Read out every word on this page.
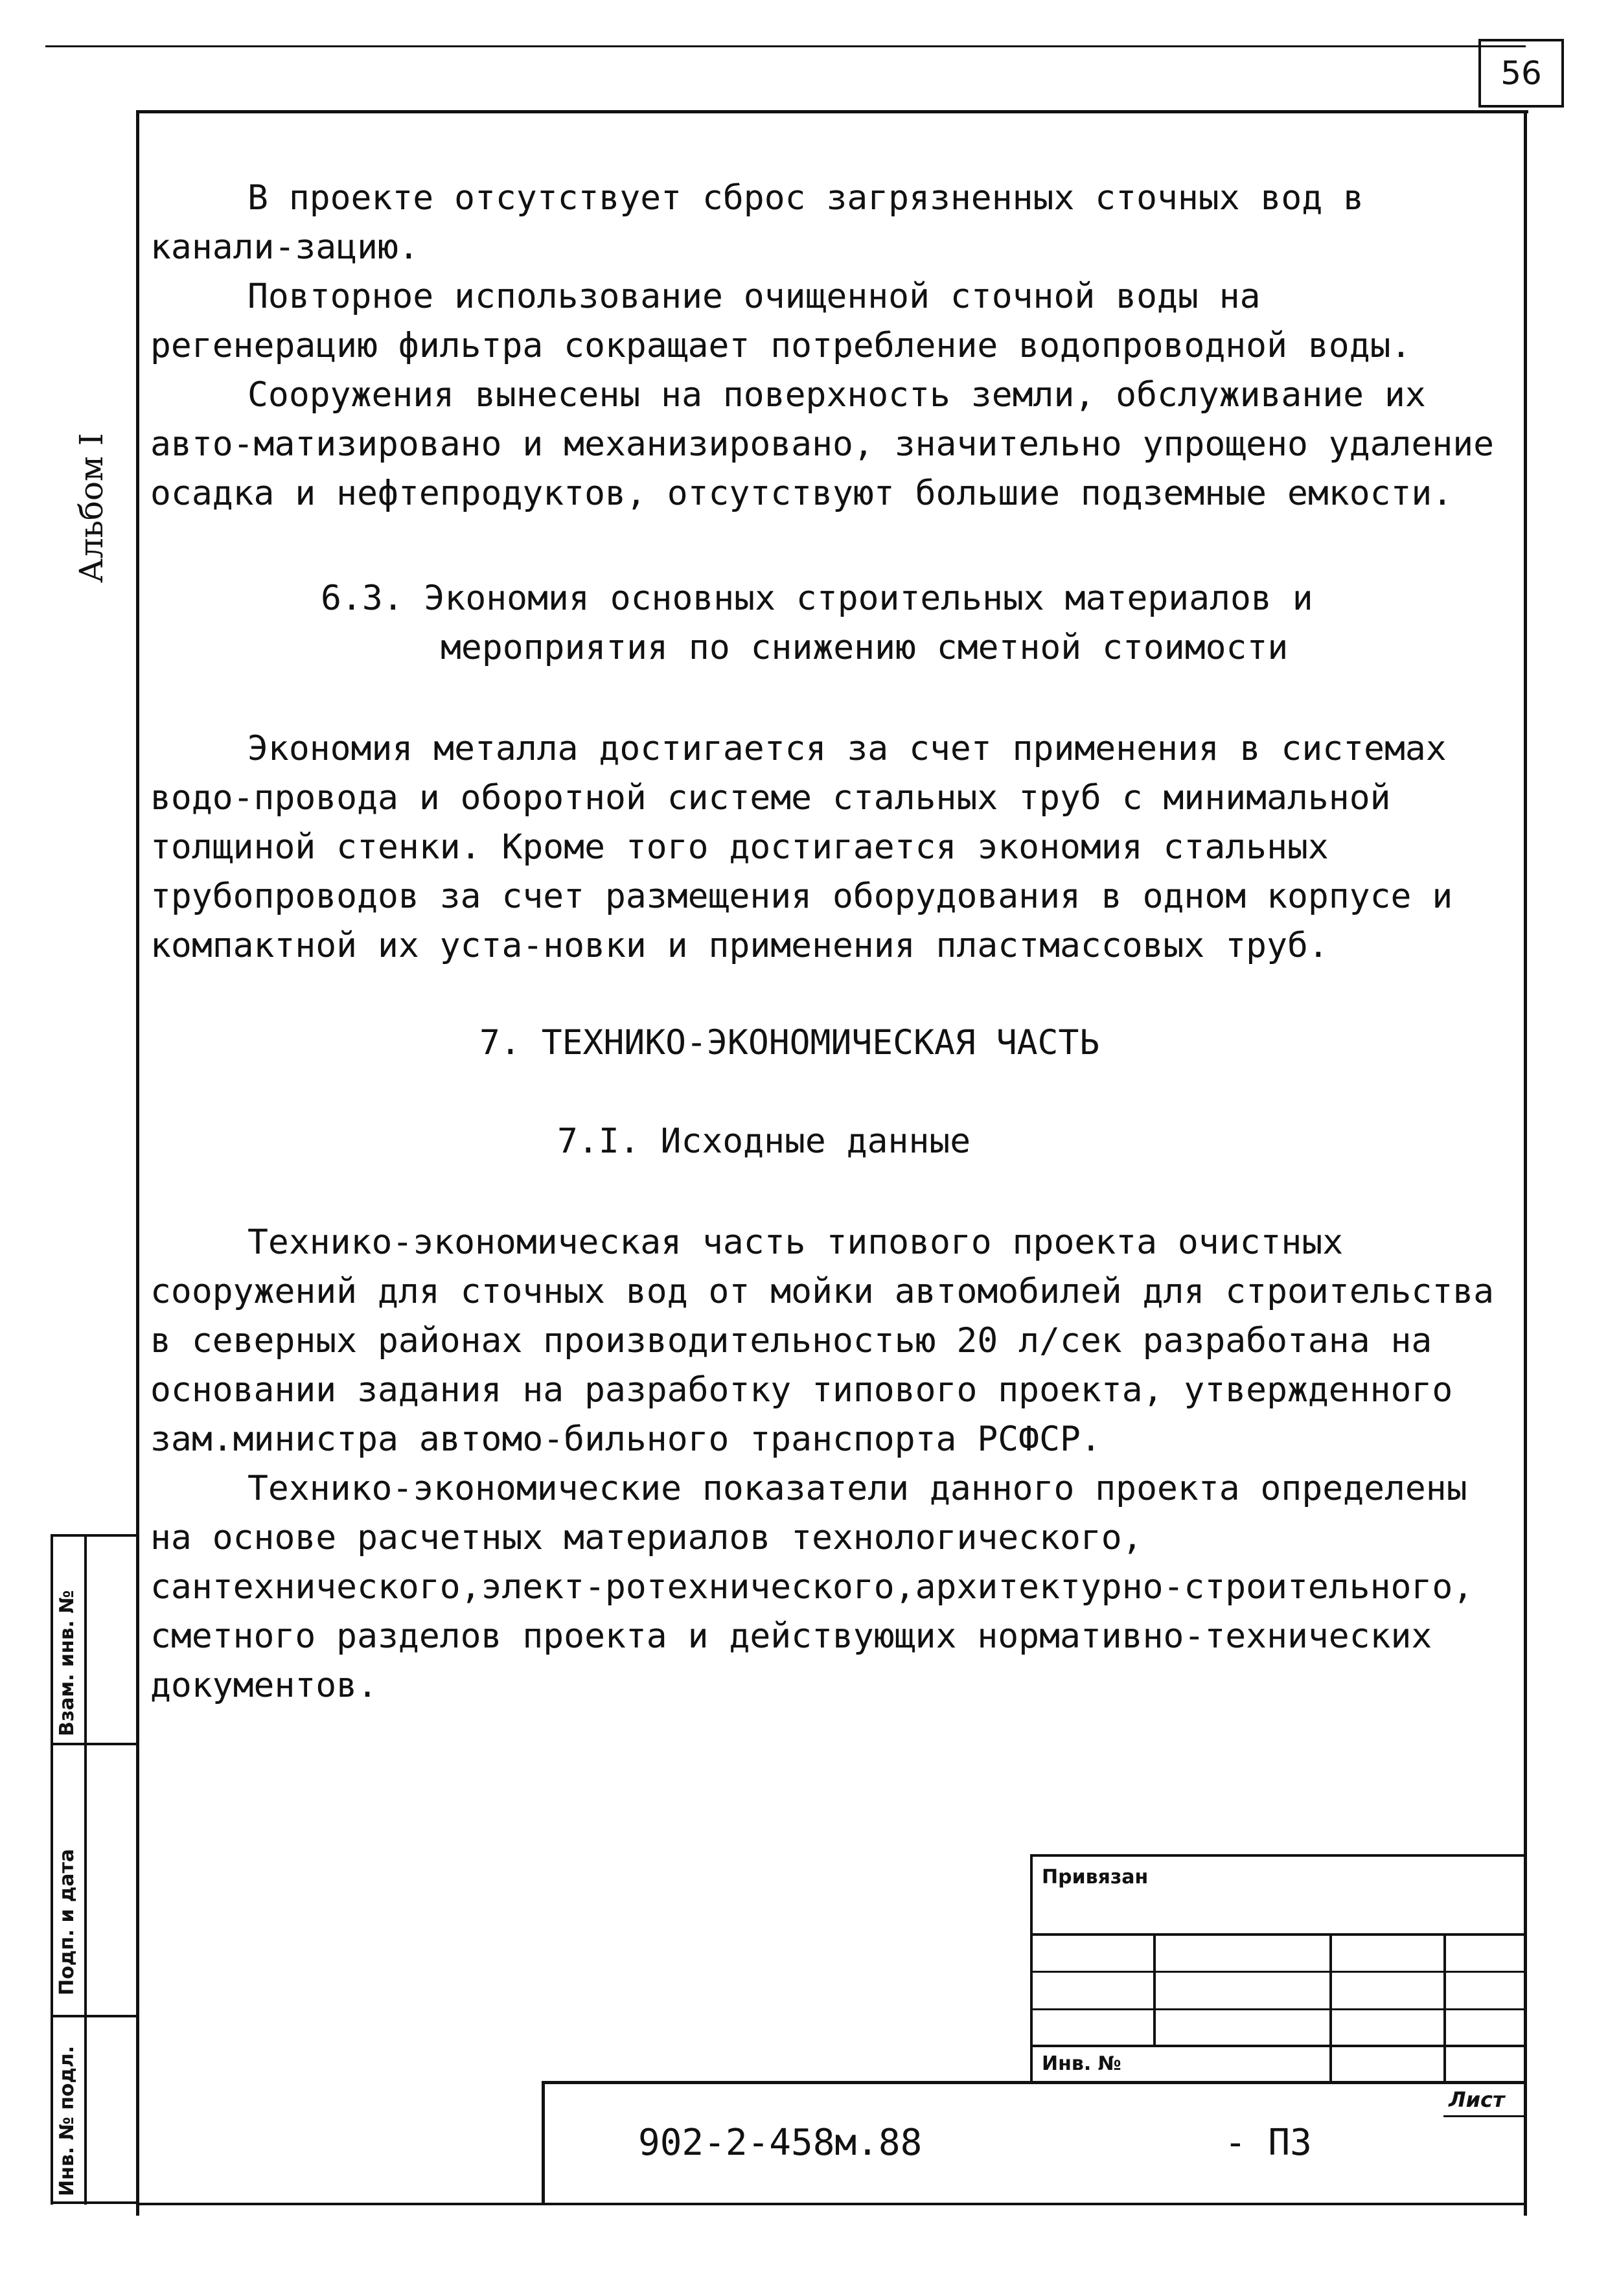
56
Альбом I

В проекте отсутствует сброс загрязненных сточных вод в канали-зацию.

Повторное использование очищенной сточной воды на регенерацию фильтра сокращает потребление водопроводной воды.

Сооружения вынесены на поверхность земли, обслуживание их авто-матизировано и механизировано, значительно упрощено удаление осадка и нефтепродуктов, отсутствуют большие подземные емкости.

6.3. Экономия основных строительных материалов и
мероприятия по снижению сметной стоимости

Экономия металла достигается за счет применения в системах водо-провода и оборотной системе стальных труб с минимальной толщиной стенки. Кроме того достигается экономия стальных трубопроводов за счет размещения оборудования в одном корпусе и компактной их уста-новки и применения пластмассовых труб.

7. ТЕХНИКО-ЭКОНОМИЧЕСКАЯ ЧАСТЬ
7.I. Исходные данные

Технико-экономическая часть типового проекта очистных сооружений для сточных вод от мойки автомобилей для строительства в северных районах производительностью 20 л/сек разработана на основании задания на разработку типового проекта, утвержденного зам.министра автомо-бильного транспорта РСФСР.

Технико-экономические показатели данного проекта определены на основе расчетных материалов технологического, сантехнического,элект-ротехнического,архитектурно-строительного, сметного разделов проекта и действующих нормативно-технических документов.

Взам. инв. №
Подп. и дата
Инв. № подл.
Привязан
Инв. №
902-2-458м.88	- ПЗ
Лист
